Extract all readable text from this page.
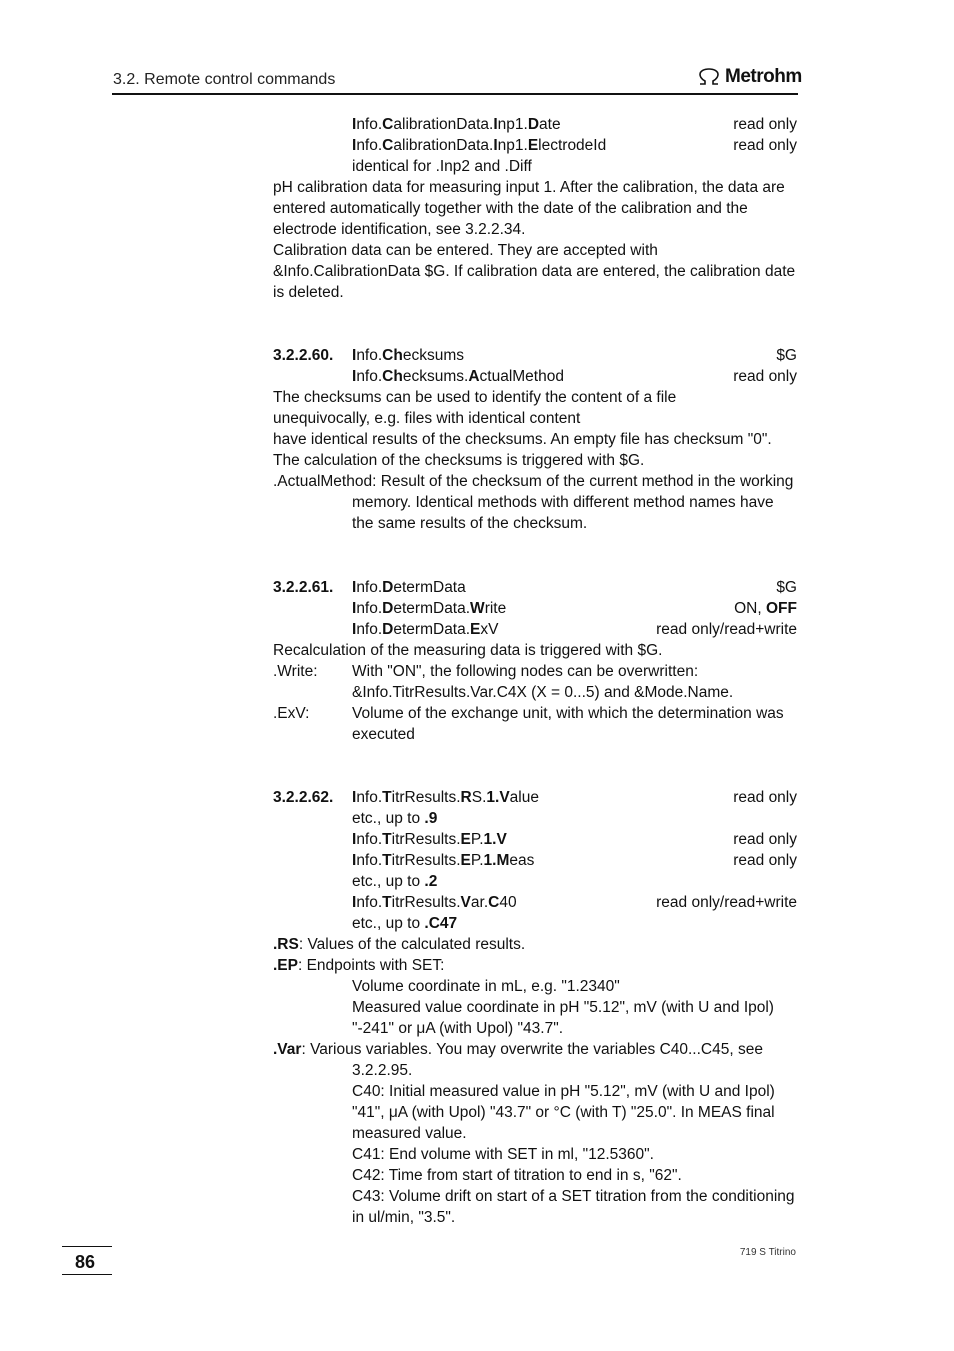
3.2. Remote control commands	Metrohm
Info.CalibrationData.Inp1.Date	read only
Info.CalibrationData.Inp1.ElectrodeId	read only
identical for .Inp2 and .Diff
pH calibration data for measuring input 1. After the calibration, the data are entered automatically together with the date of the calibration and the electrode identification, see 3.2.2.34.
Calibration data can be entered. They are accepted with &Info.CalibrationData $G. If calibration data are entered, the calibration date is deleted.
3.2.2.60. Info.Checksums	$G
Info.Checksums.ActualMethod	read only
The checksums can be used to identify the content of a file unequivocally, e.g. files with identical content
have identical results of the checksums. An empty file has checksum "0". The calculation of the checksums is triggered with $G.
.ActualMethod: Result of the checksum of the current method in the working
memory. Identical methods with different method names have the same results of the checksum.
3.2.2.61. Info.DetermData	$G
Info.DetermData.Write	ON, OFF
Info.DetermData.ExV	read only/read+write
Recalculation of the measuring data is triggered with $G.
.Write: With "ON", the following nodes can be overwritten: &Info.TitrResults.Var.C4X (X = 0...5) and &Mode.Name.
.ExV:	Volume of the exchange unit, with which the determination was executed
3.2.2.62. Info.TitrResults.RS.1.Value	read only
etc., up to .9
Info.TitrResults.EP.1.V	read only
Info.TitrResults.EP.1.Meas	read only
etc., up to .2
Info.TitrResults.Var.C40	read only/read+write
etc., up to .C47
.RS: Values of the calculated results.
.EP: Endpoints with SET:
Volume coordinate in mL, e.g. "1.2340"
Measured value coordinate in pH "5.12", mV (with U and Ipol) "-241" or μA (with Upol) "43.7".
.Var: Various variables. You may overwrite the variables C40...C45, see
3.2.2.95.
C40: Initial measured value in pH "5.12", mV (with U and Ipol) "41", μA (with Upol) "43.7" or °C (with T) "25.0". In MEAS final measured value.
C41: End volume with SET in ml, "12.5360".
C42: Time from start of titration to end in s, "62".
C43: Volume drift on start of a SET titration from the conditioning in ul/min, "3.5".
86	719 S Titrino
